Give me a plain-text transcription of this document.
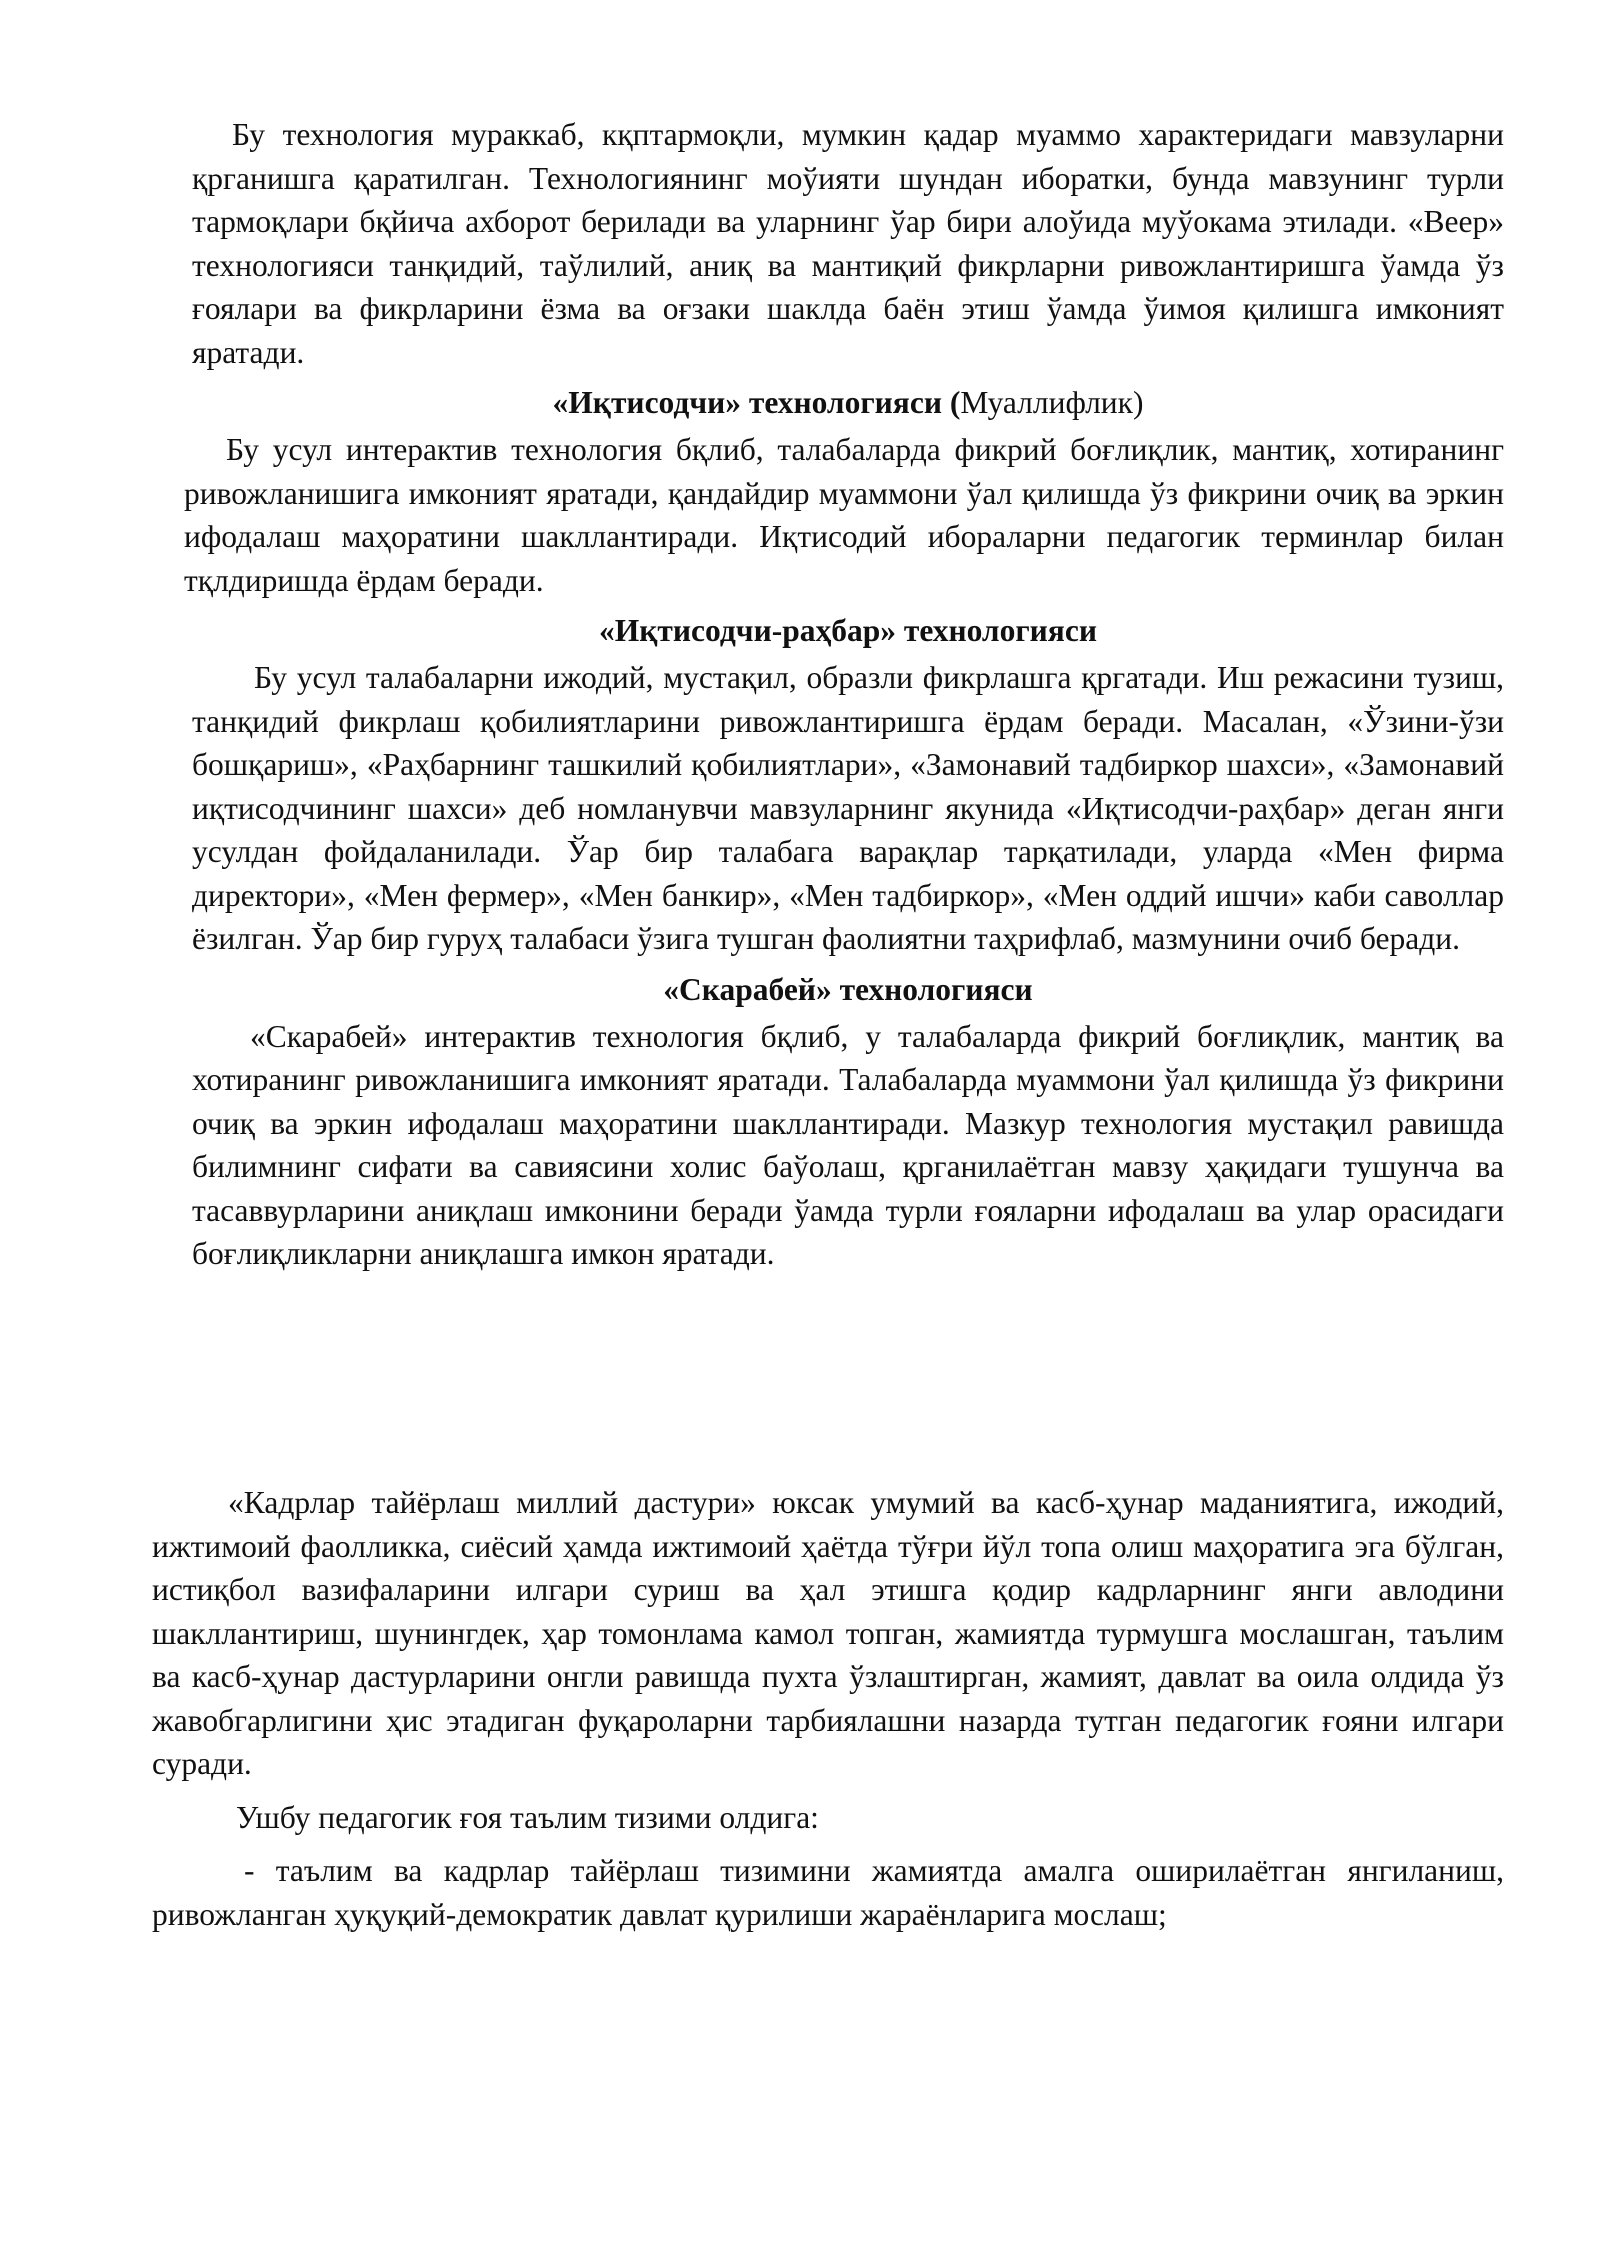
Бу технология мураккаб, кқптармоқли, мумкин қадар муаммо характеридаги мавзуларни қрганишга қаратилган. Технологиянинг моўияти шундан иборатки, бунда мавзунинг турли тармоқлари бқйича ахборот берилади ва уларнинг ўар бири алоўида муўокама этилади. «Веер» технологияси танқидий, таўлилий, аниқ ва мантиқий фикрларни ривожлантиришга ўамда ўз ғоялари ва фикрларини ёзма ва оғзаки шаклда баён этиш ўамда ўимоя қилишга имконият яратади.

«Иқтисодчи» технологияси (Муаллифлик)

Бу усул интерактив технология бқлиб, талабаларда фикрий боғлиқлик, мантиқ, хотиранинг ривожланишига имконият яратади, қандайдир муаммони ўал қилишда ўз фикрини очиқ ва эркин ифодалаш маҳоратини шакллантиради. Иқтисодий ибораларни педагогик терминлар билан тқлдиришда ёрдам беради.

«Иқтисодчи-раҳбар» технологияси

Бу усул талабаларни ижодий, мустақил, образли фикрлашга қргатади. Иш режасини тузиш, танқидий фикрлаш қобилиятларини ривожлантиришга ёрдам беради. Масалан, «Ўзини-ўзи бошқариш», «Раҳбарнинг ташкилий қобилиятлари», «Замонавий тадбиркор шахси», «Замонавий иқтисодчининг шахси» деб номланувчи мавзуларнинг якунида «Иқтисодчи-раҳбар» деган янги усулдан фойдаланилади. Ўар бир талабага варақлар тарқатилади, уларда «Мен фирма директори», «Мен фермер», «Мен банкир», «Мен тадбиркор», «Мен оддий ишчи» каби саволлар ёзилган. Ўар бир гуруҳ талабаси ўзига тушган фаолиятни таҳрифлаб, мазмунини очиб беради.

«Скарабей» технологияси

«Скарабей» интерактив технология бқлиб, у талабаларда фикрий боғлиқлик, мантиқ ва хотиранинг ривожланишига имконият яратади. Талабаларда муаммони ўал қилишда ўз фикрини очиқ ва эркин ифодалаш маҳоратини шакллантиради. Мазкур технология мустақил равишда билимнинг сифати ва савиясини холис баўолаш, қрганилаётган мавзу ҳақидаги тушунча ва тасаввурларини аниқлаш имконини беради ўамда турли ғояларни ифодалаш ва улар орасидаги боғлиқликларни аниқлашга имкон яратади.

«Кадрлар тайёрлаш миллий дастури» юксак умумий ва касб-ҳунар маданиятига, ижодий, ижтимоий фаолликка, сиёсий ҳамда ижтимоий ҳаётда тўғри йўл топа олиш маҳоратига эга бўлган, истиқбол вазифаларини илгари суриш ва ҳал этишга қодир кадрларнинг янги авлодини шакллантириш, шунингдек, ҳар томонлама камол топган, жамиятда турмушга мослашган, таълим ва касб-ҳунар дастурларини онгли равишда пухта ўзлаштирган, жамият, давлат ва оила олдида ўз жавобгарлигини ҳис этадиган фуқароларни тарбиялашни назарда тутган педагогик ғояни илгари суради.

Ушбу педагогик ғоя таълим тизими олдига:

- таълим ва кадрлар тайёрлаш тизимини жамиятда амалга оширилаётган янгиланиш, ривожланган ҳуқуқий-демократик давлат қурилиши жараёнларига мослаш;
